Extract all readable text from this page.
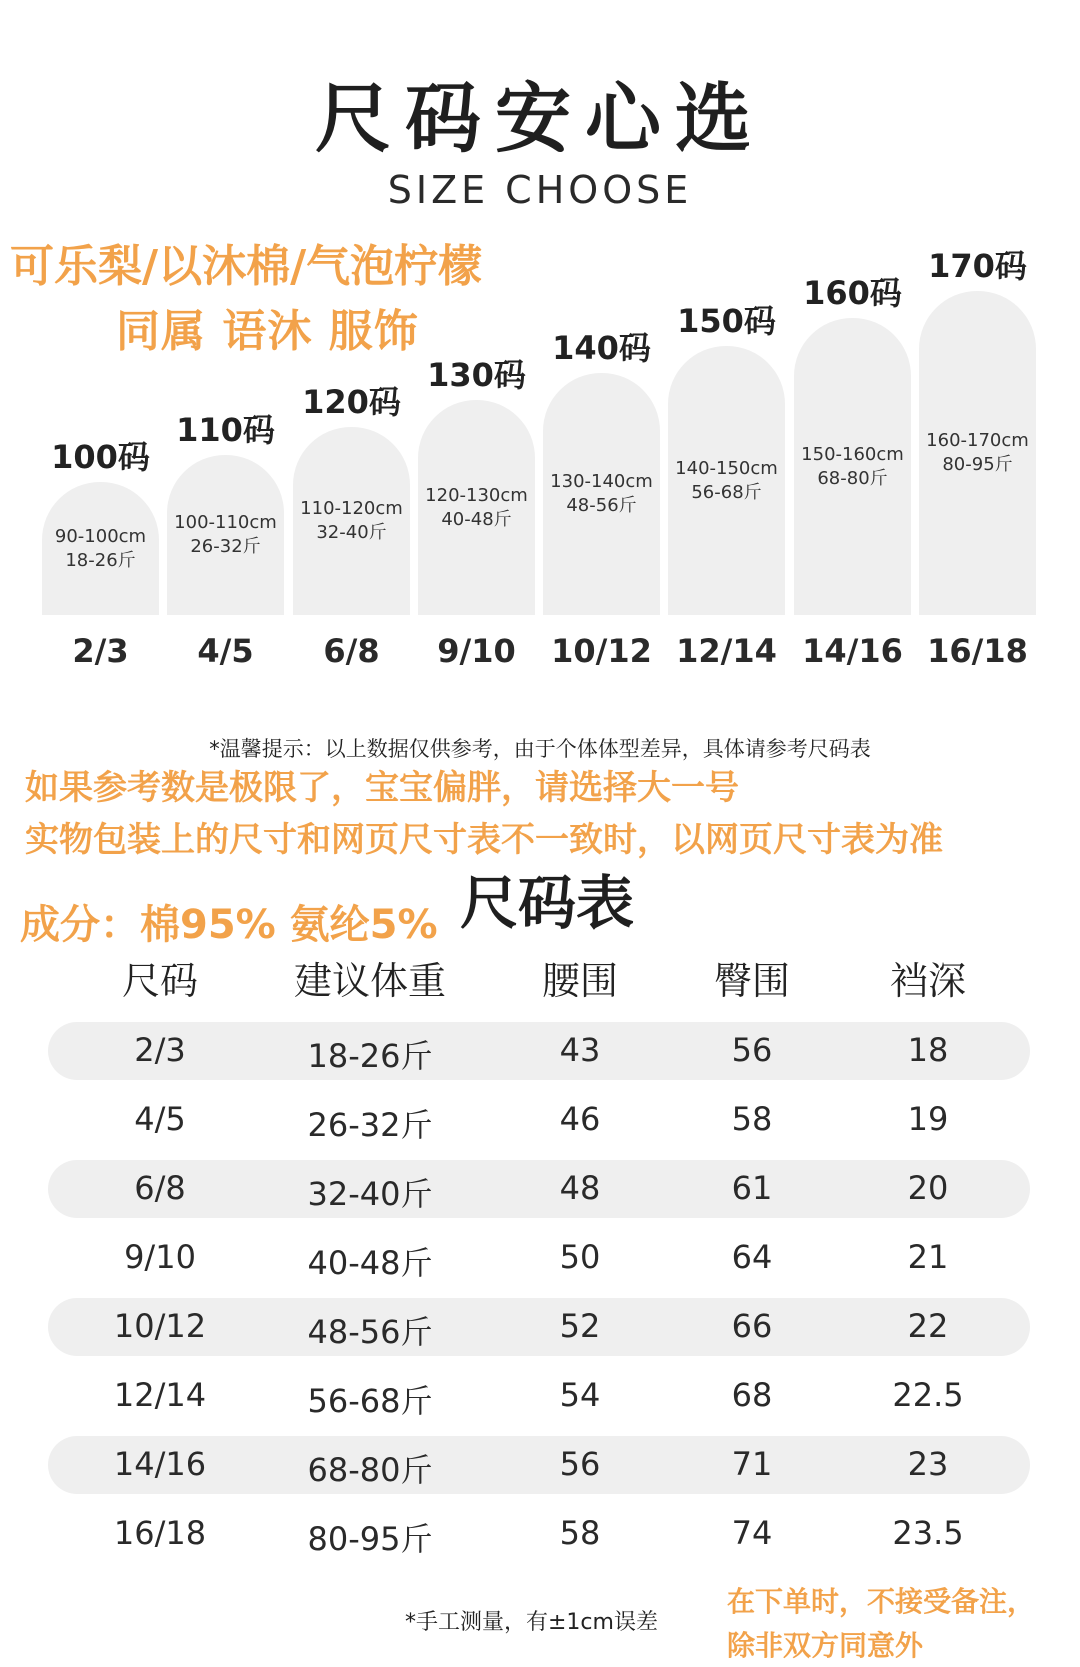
尺码安心选
SIZE CHOOSE
可乐梨/以沐棉/气泡柠檬
同属 语沐 服饰
90-100cm
18-26斤
100码
2/3
100-110cm
26-32斤
110码
4/5
110-120cm
32-40斤
120码
6/8
120-130cm
40-48斤
130码
9/10
130-140cm
48-56斤
140码
10/12
140-150cm
56-68斤
150码
12/14
150-160cm
68-80斤
160码
14/16
160-170cm
80-95斤
170码
16/18
*温馨提示：以上数据仅供参考，由于个体体型差异，具体请参考尺码表
如果参考数是极限了，宝宝偏胖，请选择大一号
实物包装上的尺寸和网页尺寸表不一致时，以网页尺寸表为准
尺码表
成分：棉95% 氨纶5%
尺码	建议体重	腰围	臀围	裆深
2/3	18-26斤	43	56	18
4/5	26-32斤	46	58	19
6/8	32-40斤	48	61	20
9/10	40-48斤	50	64	21
10/12	48-56斤	52	66	22
12/14	56-68斤	54	68	22.5
14/16	68-80斤	56	71	23
16/18	80-95斤	58	74	23.5
*手工测量，有±1cm误差
在下单时，不接受备注，
除非双方同意外
